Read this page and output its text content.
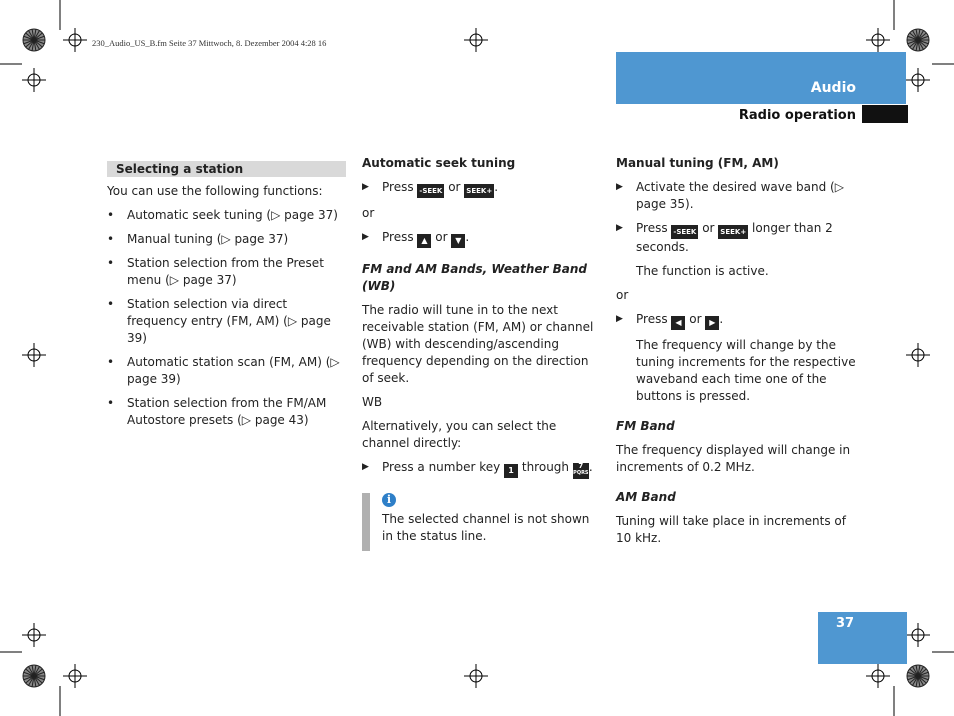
230_Audio_US_B.fm Seite 37 Mittwoch, 8. Dezember 2004 4:28 16
Audio
Radio operation
37
Selecting a station

You can use the following functions:

•	Automatic seek tuning (▷ page 37)
•	Manual tuning (▷ page 37)
•	Station selection from the Preset menu (▷ page 37)
•	Station selection via direct frequency entry (FM, AM) (▷ page 39)
•	Automatic station scan (FM, AM) (▷ page 39)
•	Station selection from the FM/AM Autostore presets (▷ page 43)

Automatic seek tuning

▶	Press -SEEK or SEEK+ .

or

▶	Press ▲ or ▼ .

FM and AM Bands, Weather Band (WB)

The radio will tune in to the next receivable station (FM, AM) or channel (WB) with descending/ascending frequency depending on the direction of seek.

WB

Alternatively, you can select the channel directly:

▶	Press a number key 1 through	7
PQRS .
i
The selected channel is not shown in the status line.

Manual tuning (FM, AM)

▶	Activate the desired wave band (▷ page 35).
▶	Press -SEEK or SEEK+ longer than 2 seconds.

The function is active.

or

▶	Press ◀ or ▶ .

The frequency will change by the tuning increments for the respective waveband each time one of the buttons is pressed.

FM Band

The frequency displayed will change in increments of 0.2 MHz.

AM Band

Tuning will take place in increments of 10 kHz.
